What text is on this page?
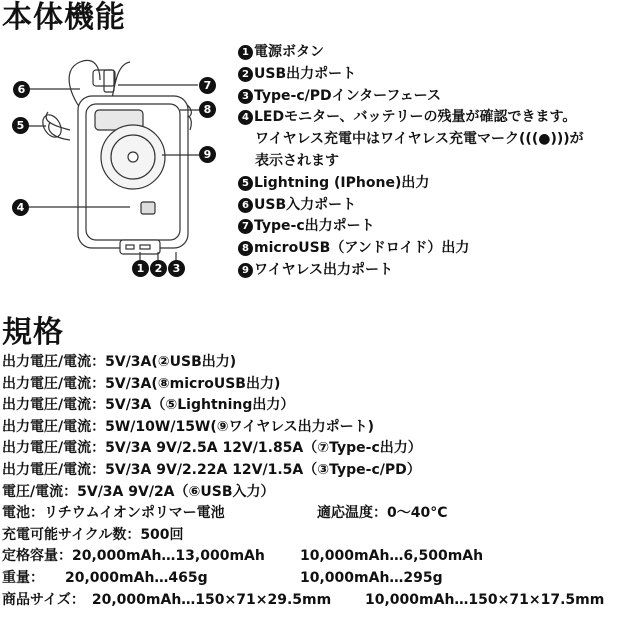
本体機能
6	7
8
5
9
4
1 2 3
1 電源ボタン
2 USB出力ポート
3 Type-c/PDインターフェース
4 LEDモニター、バッテリーの残量が確認できます。
ワイヤレス充電中はワイヤレス充電マーク(((●)))が
表示されます
5 Lightning (IPhone)出力
6 USB入力ポート
7 Type-c出力ポート
8 microUSB（アンドロイド）出力
9 ワイヤレス出力ポート
規格
出力電圧/電流：5V/3A(②USB出力)
出力電圧/電流：5V/3A(⑧microUSB出力)
出力電圧/電流：5V/3A（⑤Lightning出力）
出力電圧/電流：5W/10W/15W(⑨ワイヤレス出力ポート)
出力電圧/電流：5V/3A 9V/2.5A 12V/1.85A（⑦Type-c出力）
出力電圧/電流：5V/3A 9V/2.22A 12V/1.5A（③Type-c/PD）
電圧/電流：5V/3A 9V/2A（⑥USB入力）
電池：リチウムイオンポリマー電池	適応温度：0～40°C
充電可能サイクル数：500回
定格容量：20,000mAh…13,000mAh	10,000mAh…6,500mAh
重量：　　20,000mAh…465g	10,000mAh…295g
商品サイズ：　20,000mAh…150×71×29.5mm 10,000mAh…150×71×17.5mm
